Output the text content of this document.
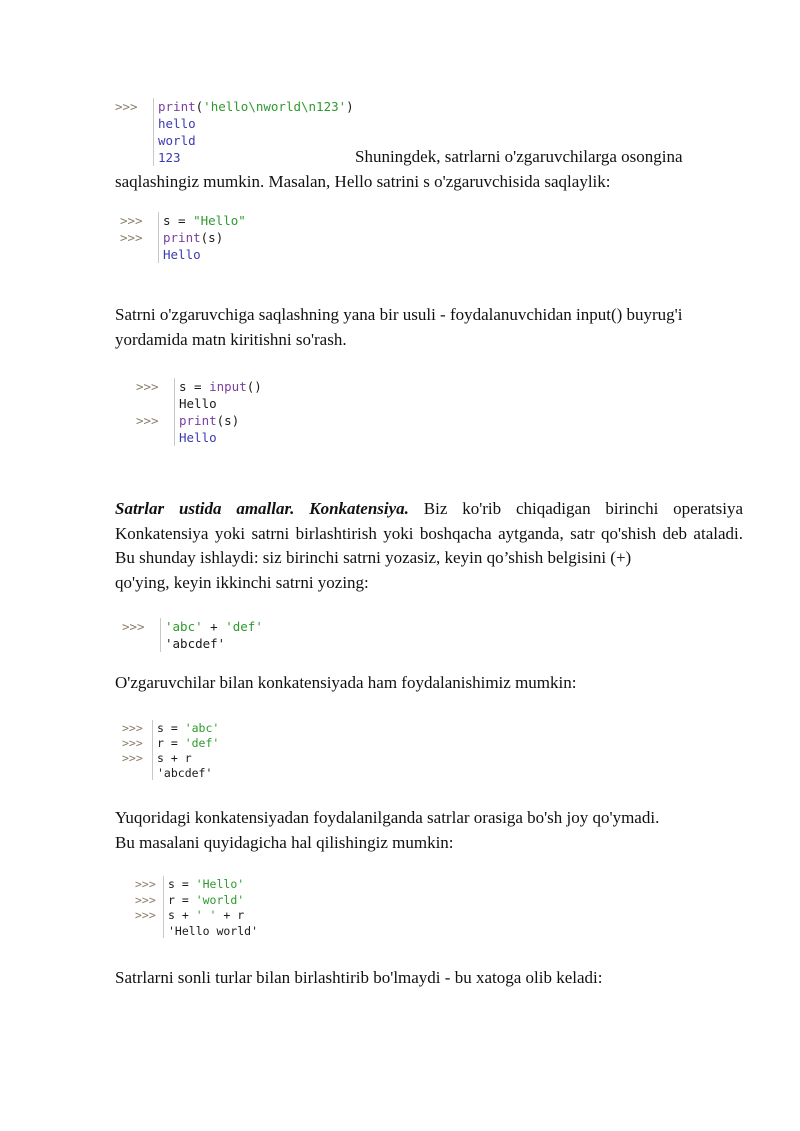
>>>	print('hello\nworld\n123')
hello
world
123	Shuningdek, satrlarni o'zgaruvchilarga osongina
saqlashingiz mumkin. Masalan, Hello satrini s o'zgaruvchisida saqlaylik:
>>>	s = "Hello"
>>>	print(s)
Hello

Satrni o'zgaruvchiga saqlashning yana bir usuli - foydalanuvchidan input() buyrug'i yordamida matn kiritishni so'rash.

>>>	s = input()
Hello
>>>	print(s)
Hello
Satrlar ustida amallar. Konkatensiya. Biz ko'rib chiqadigan birinchi operatsiya Konkatensiya yoki satrni birlashtirish yoki boshqacha aytganda, satr qo'shish deb ataladi. Bu shunday ishlaydi: siz birinchi satrni yozasiz, keyin qo’shish belgisini (+)
qo'ying, keyin ikkinchi satrni yozing:
>>>	'abc' + 'def'
'abcdef'

O'zgaruvchilar bilan konkatensiyada ham foydalanishimiz mumkin:

>>>	s = 'abc'
>>>	r = 'def'
>>>	s + r
'abcdef'
Yuqoridagi konkatensiyadan foydalanilganda satrlar orasiga bo'sh joy qo'ymadi.
Bu masalani quyidagicha hal qilishingiz mumkin:
>>>	s = 'Hello'
>>>	r = 'world'
>>>	s + ' ' + r
'Hello world'

Satrlarni sonli turlar bilan birlashtirib bo'lmaydi - bu xatoga olib keladi:
